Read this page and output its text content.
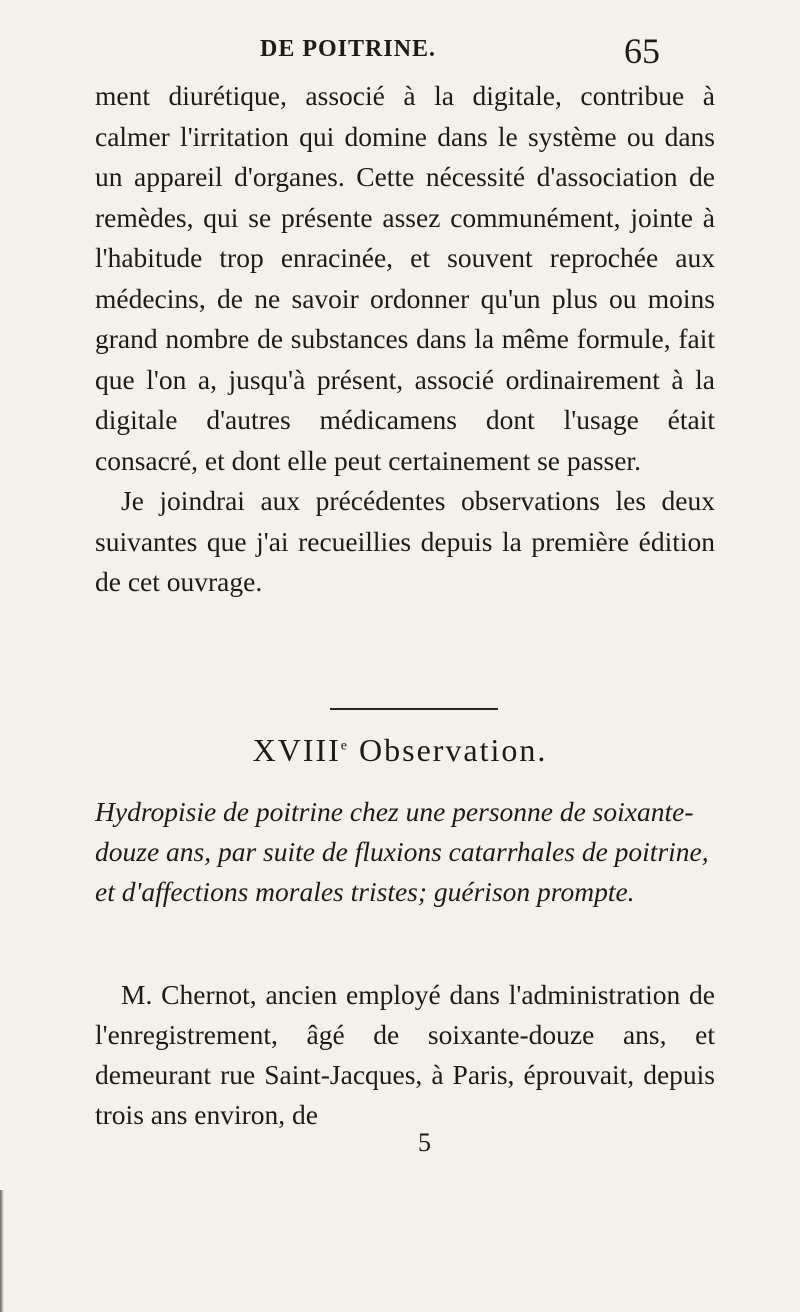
DE POITRINE.	65

ment diurétique, associé à la digitale, contribue à calmer l'irritation qui domine dans le système ou dans un appareil d'organes. Cette nécessité d'association de remèdes, qui se présente assez communément, jointe à l'habitude trop enracinée, et souvent reprochée aux médecins, de ne savoir ordonner qu'un plus ou moins grand nombre de substances dans la même formule, fait que l'on a, jusqu'à présent, associé ordinairement à la digitale d'autres médicamens dont l'usage était consacré, et dont elle peut certainement se passer.

Je joindrai aux précédentes observations les deux suivantes que j'ai recueillies depuis la première édition de cet ouvrage.

XVIIIe Observation.
Hydropisie de poitrine chez une personne de soixante-douze ans, par suite de fluxions catarrhales de poitrine, et d'affections morales tristes; guérison prompte.

M. Chernot, ancien employé dans l'administration de l'enregistrement, âgé de soixante-douze ans, et demeurant rue Saint-Jacques, à Paris, éprouvait, depuis trois ans environ, de

5
